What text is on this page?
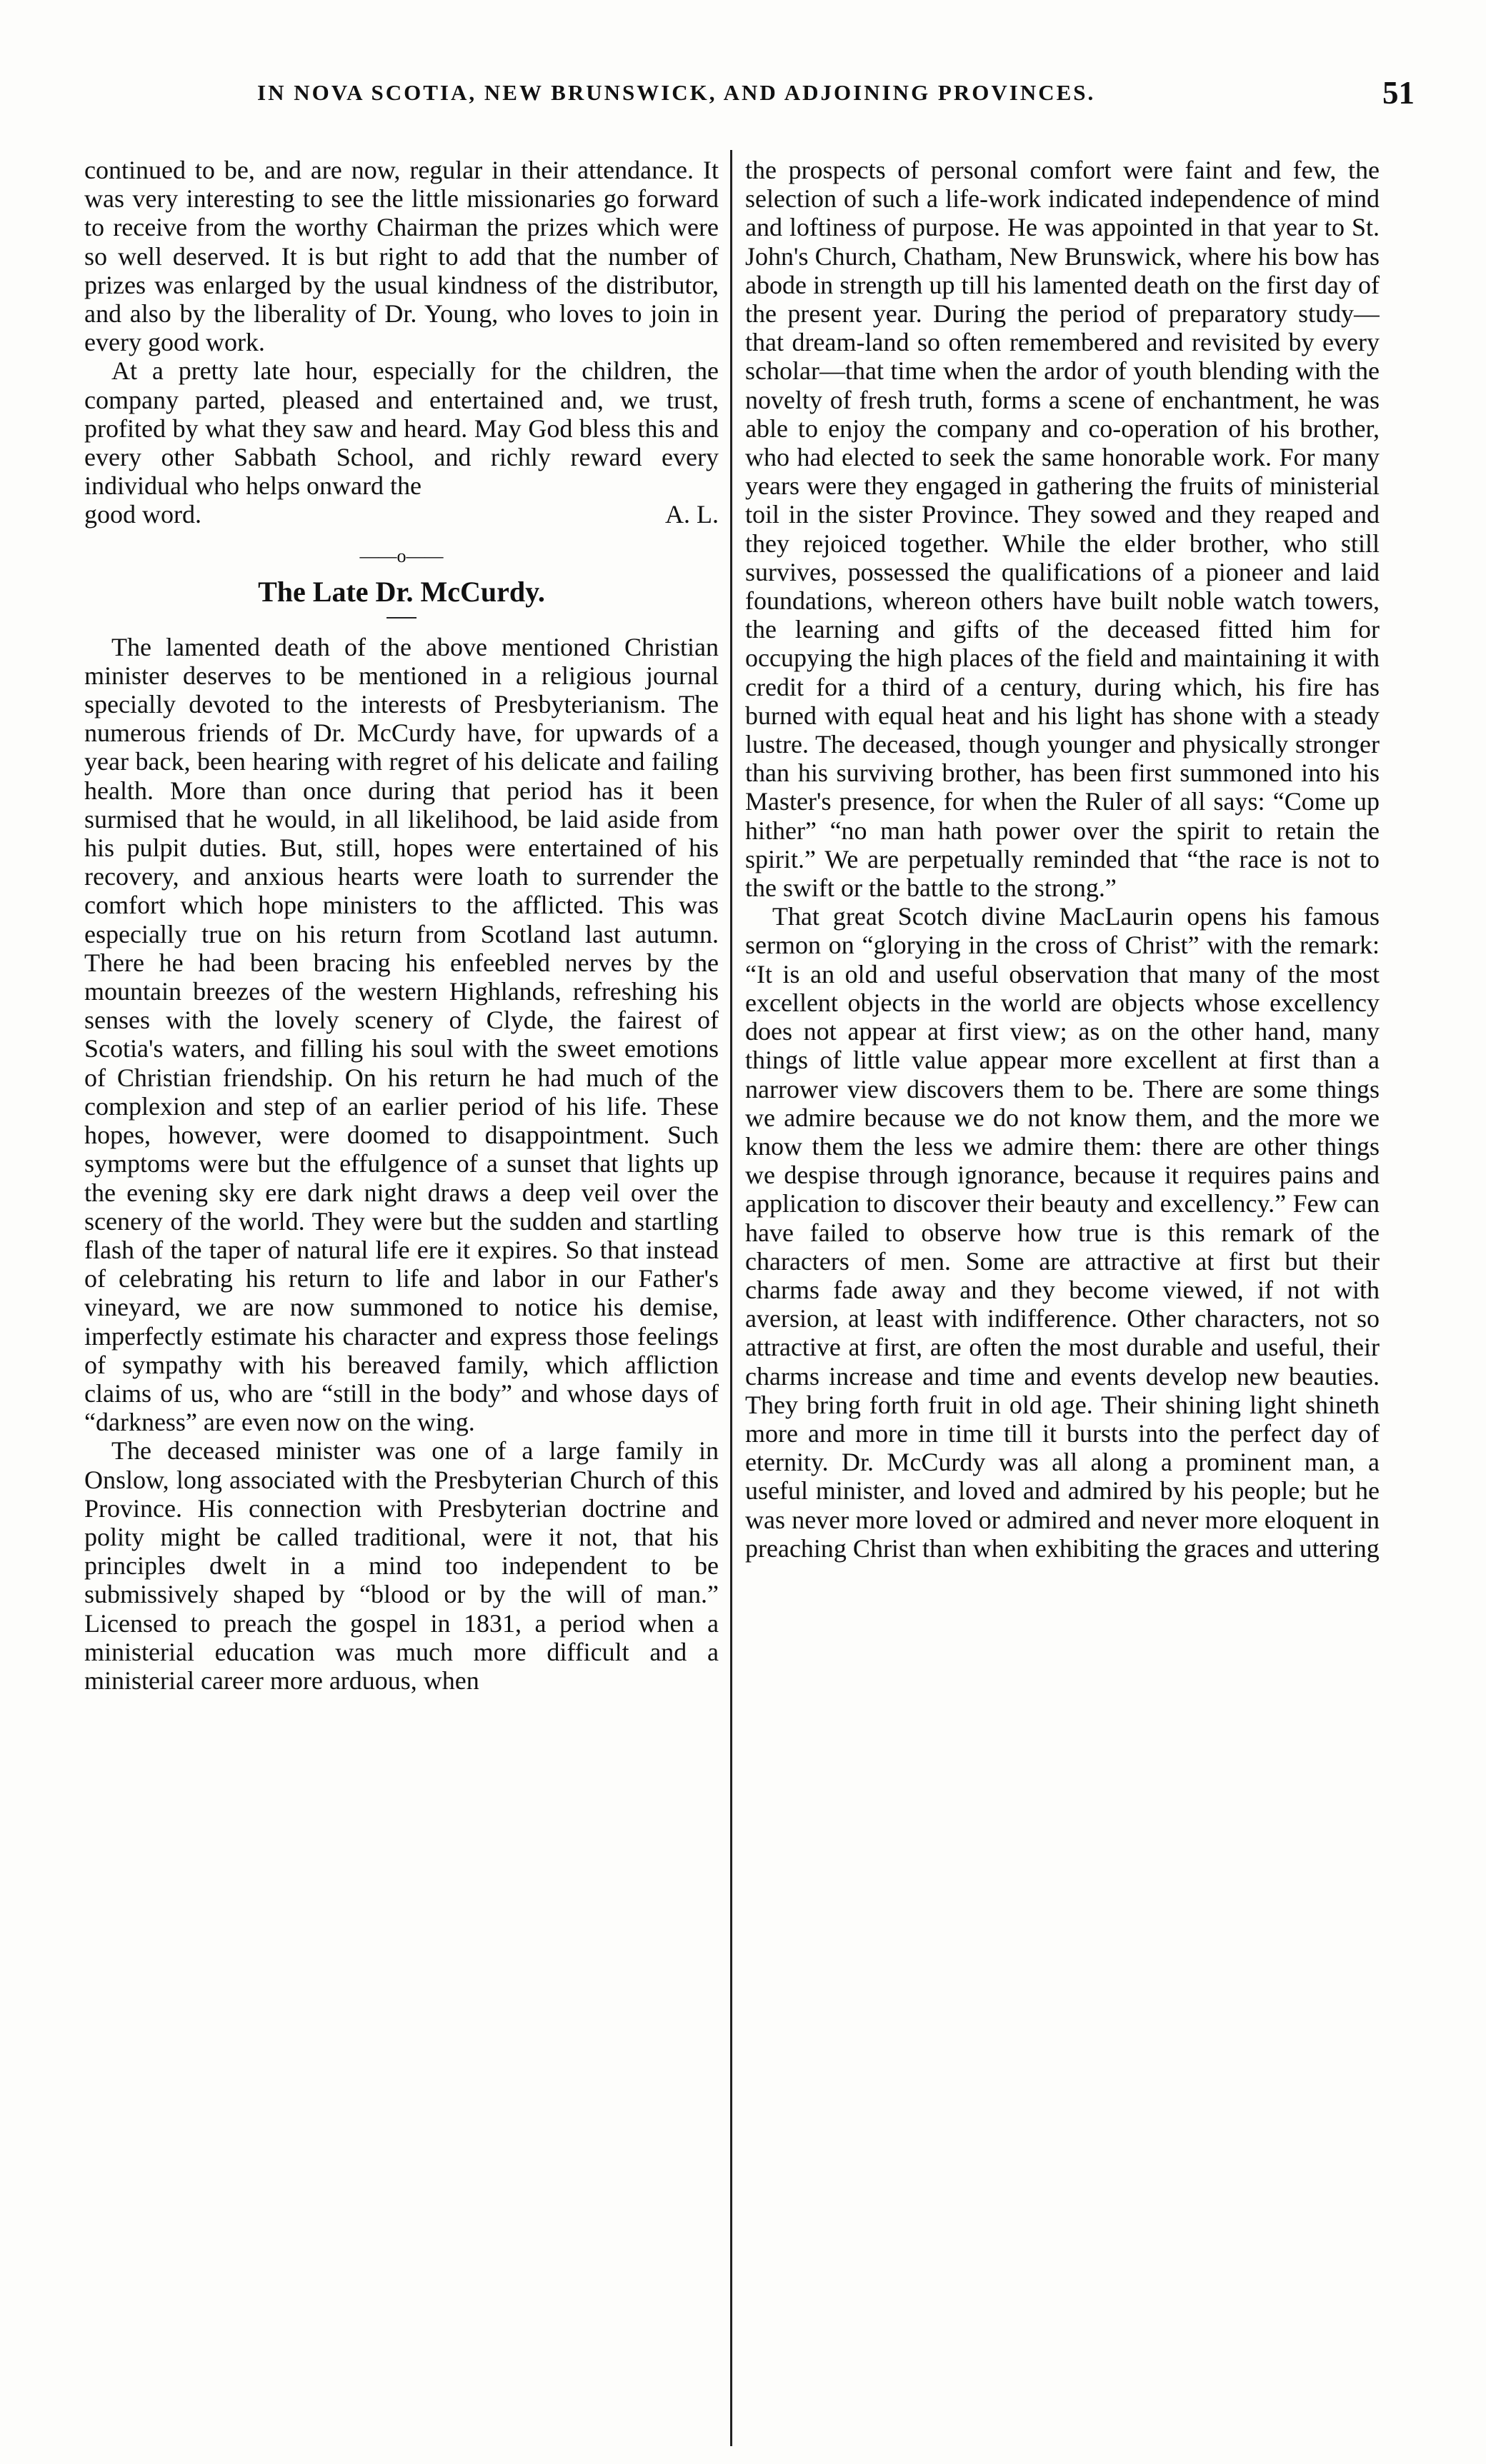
IN NOVA SCOTIA, NEW BRUNSWICK, AND ADJOINING PROVINCES.	51

continued to be, and are now, regular in their attendance. It was very interesting to see the little missionaries go forward to receive from the worthy Chairman the prizes which were so well deserved. It is but right to add that the number of prizes was enlarged by the usual kindness of the distributor, and also by the liberality of Dr. Young, who loves to join in every good work.

At a pretty late hour, especially for the children, the company parted, pleased and entertained and, we trust, profited by what they saw and heard. May God bless this and every other Sabbath School, and richly reward every individual who helps onward the

good word.	A. L.
——o——
The Late Dr. McCurdy.

The lamented death of the above mentioned Christian minister deserves to be mentioned in a religious journal specially devoted to the interests of Presbyterianism. The numerous friends of Dr. McCurdy have, for upwards of a year back, been hearing with regret of his delicate and failing health. More than once during that period has it been surmised that he would, in all likelihood, be laid aside from his pulpit duties. But, still, hopes were entertained of his recovery, and anxious hearts were loath to surrender the comfort which hope ministers to the afflicted. This was especially true on his return from Scotland last autumn. There he had been bracing his enfeebled nerves by the mountain breezes of the western Highlands, refreshing his senses with the lovely scenery of Clyde, the fairest of Scotia's waters, and filling his soul with the sweet emotions of Christian friendship. On his return he had much of the complexion and step of an earlier period of his life. These hopes, however, were doomed to disappointment. Such symptoms were but the effulgence of a sunset that lights up the evening sky ere dark night draws a deep veil over the scenery of the world. They were but the sudden and startling flash of the taper of natural life ere it expires. So that instead of celebrating his return to life and labor in our Father's vineyard, we are now summoned to notice his demise, imperfectly estimate his character and express those feelings of sympathy with his bereaved family, which affliction claims of us, who are “still in the body” and whose days of “darkness” are even now on the wing.

The deceased minister was one of a large family in Onslow, long associated with the Presbyterian Church of this Province. His connection with Presbyterian doctrine and polity might be called traditional, were it not, that his principles dwelt in a mind too independent to be submissively shaped by “blood or by the will of man.” Licensed to preach the gospel in 1831, a period when a ministerial education was much more difficult and a ministerial career more arduous, when

the prospects of personal comfort were faint and few, the selection of such a life-work indicated independence of mind and loftiness of purpose. He was appointed in that year to St. John's Church, Chatham, New Brunswick, where his bow has abode in strength up till his lamented death on the first day of the present year. During the period of preparatory study—that dream-land so often remembered and revisited by every scholar—that time when the ardor of youth blending with the novelty of fresh truth, forms a scene of enchantment, he was able to enjoy the company and co-operation of his brother, who had elected to seek the same honorable work. For many years were they engaged in gathering the fruits of ministerial toil in the sister Province. They sowed and they reaped and they rejoiced together. While the elder brother, who still survives, possessed the qualifications of a pioneer and laid foundations, whereon others have built noble watch towers, the learning and gifts of the deceased fitted him for occupying the high places of the field and maintaining it with credit for a third of a century, during which, his fire has burned with equal heat and his light has shone with a steady lustre. The deceased, though younger and physically stronger than his surviving brother, has been first summoned into his Master's presence, for when the Ruler of all says: “Come up hither” “no man hath power over the spirit to retain the spirit.” We are perpetually reminded that “the race is not to the swift or the battle to the strong.”

That great Scotch divine MacLaurin opens his famous sermon on “glorying in the cross of Christ” with the remark: “It is an old and useful observation that many of the most excellent objects in the world are objects whose excellency does not appear at first view; as on the other hand, many things of little value appear more excellent at first than a narrower view discovers them to be. There are some things we admire because we do not know them, and the more we know them the less we admire them: there are other things we despise through ignorance, because it requires pains and application to discover their beauty and excellency.” Few can have failed to observe how true is this remark of the characters of men. Some are attractive at first but their charms fade away and they become viewed, if not with aversion, at least with indifference. Other characters, not so attractive at first, are often the most durable and useful, their charms increase and time and events develop new beauties. They bring forth fruit in old age. Their shining light shineth more and more in time till it bursts into the perfect day of eternity. Dr. McCurdy was all along a prominent man, a useful minister, and loved and admired by his people; but he was never more loved or admired and never more eloquent in preaching Christ than when exhibiting the graces and uttering
